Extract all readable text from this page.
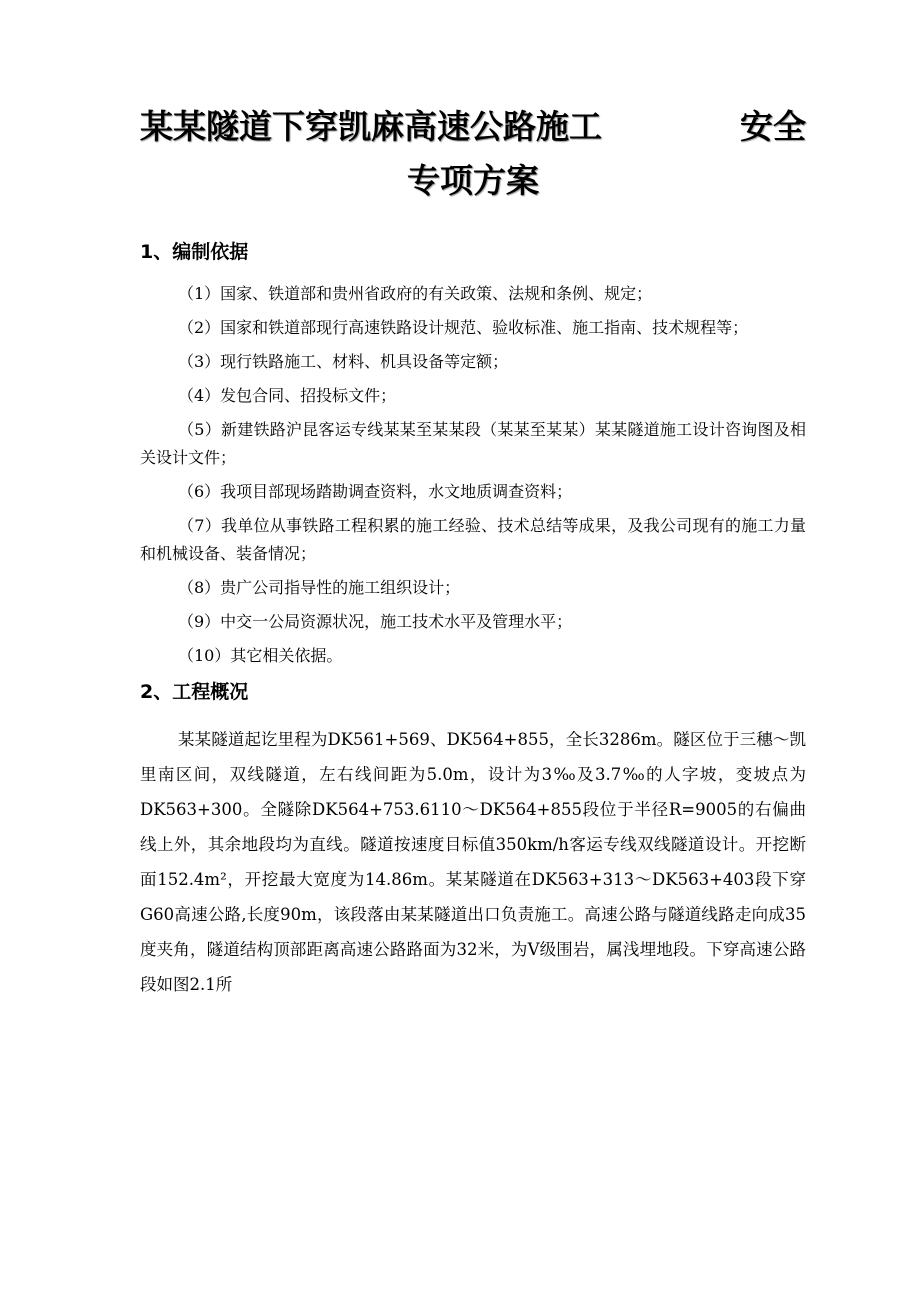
某某隧道下穿凯麻高速公路施工	安全
专项方案
1、编制依据

（1）国家、铁道部和贵州省政府的有关政策、法规和条例、规定；

（2）国家和铁道部现行高速铁路设计规范、验收标准、施工指南、技术规程等；

（3）现行铁路施工、材料、机具设备等定额；

（4）发包合同、招投标文件；

（5）新建铁路沪昆客运专线某某至某某段（某某至某某）某某隧道施工设计咨询图及相关设计文件；

（6）我项目部现场踏勘调查资料，水文地质调查资料；

（7）我单位从事铁路工程积累的施工经验、技术总结等成果，及我公司现有的施工力量和机械设备、装备情况；

（8）贵广公司指导性的施工组织设计；

（9）中交一公局资源状况，施工技术水平及管理水平；

（10）其它相关依据。

2、工程概况

某某隧道起讫里程为DK561+569、DK564+855，全长3286m。隧区位于三穗～凯里南区间，双线隧道，左右线间距为5.0m，设计为3‰及3.7‰的人字坡，变坡点为DK563+300。全隧除DK564+753.6110～DK564+855段位于半径R=9005的右偏曲线上外，其余地段均为直线。隧道按速度目标值350km/h客运专线双线隧道设计。开挖断面152.4m²，开挖最大宽度为14.86m。某某隧道在DK563+313～DK563+403段下穿G60高速公路,长度90m，该段落由某某隧道出口负责施工。高速公路与隧道线路走向成35度夹角，隧道结构顶部距离高速公路路面为32米，为Ⅴ级围岩，属浅埋地段。下穿高速公路段如图2.1所
